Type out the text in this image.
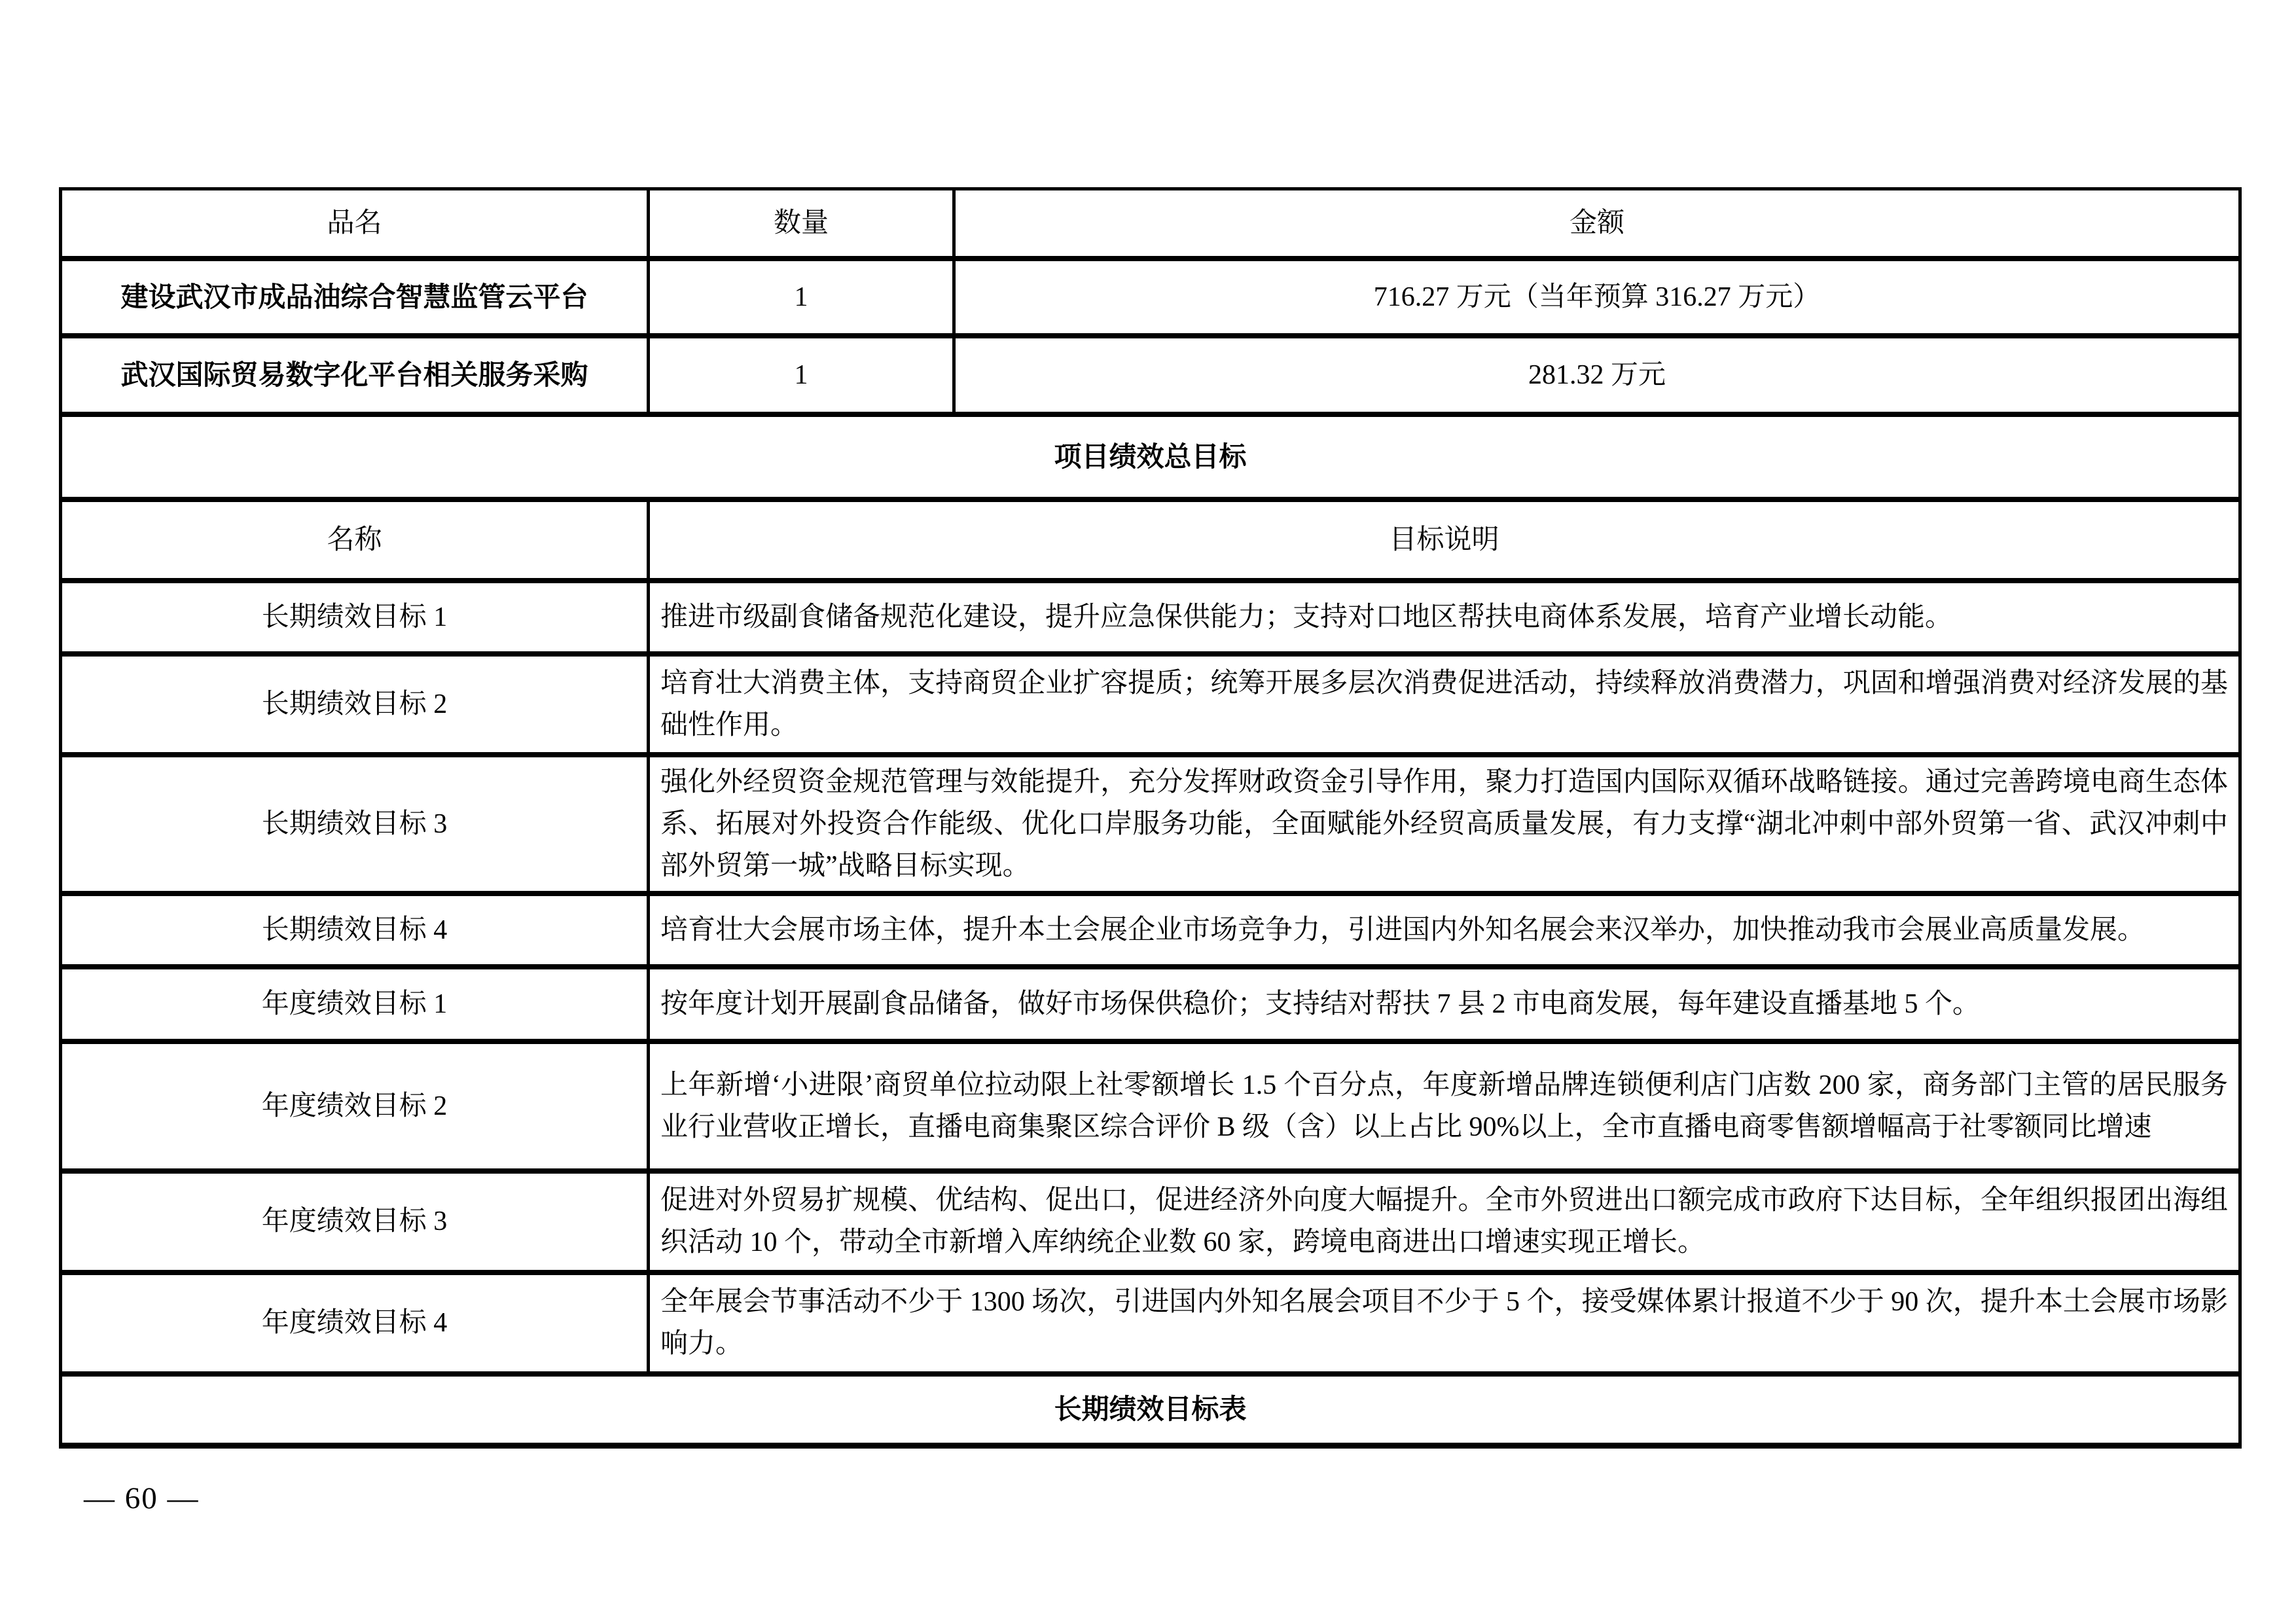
品名	数量	金额
建设武汉市成品油综合智慧监管云平台	1	716.27 万元（当年预算 316.27 万元）
武汉国际贸易数字化平台相关服务采购	1	281.32 万元
项目绩效总目标		
名称	目标说明	
长期绩效目标 1	推进市级副食储备规范化建设，提升应急保供能力；支持对口地区帮扶电商体系发展，培育产业增长动能。	
长期绩效目标 2	培育壮大消费主体，支持商贸企业扩容提质；统筹开展多层次消费促进活动，持续释放消费潜力，巩固和增强消费对经济发展的基础性作用。	
长期绩效目标 3	强化外经贸资金规范管理与效能提升，充分发挥财政资金引导作用，聚力打造国内国际双循环战略链接。通过完善跨境电商生态体系、拓展对外投资合作能级、优化口岸服务功能，全面赋能外经贸高质量发展，有力支撑“湖北冲刺中部外贸第一省、武汉冲刺中部外贸第一城”战略目标实现。	
长期绩效目标 4	培育壮大会展市场主体，提升本土会展企业市场竞争力，引进国内外知名展会来汉举办，加快推动我市会展业高质量发展。	
年度绩效目标 1	按年度计划开展副食品储备，做好市场保供稳价；支持结对帮扶 7 县 2 市电商发展，每年建设直播基地 5 个。	
年度绩效目标 2	上年新增‘小进限’商贸单位拉动限上社零额增长 1.5 个百分点，年度新增品牌连锁便利店门店数 200 家，商务部门主管的居民服务业行业营收正增长，直播电商集聚区综合评价 B 级（含）以上占比 90%以上，全市直播电商零售额增幅高于社零额同比增速	
年度绩效目标 3	促进对外贸易扩规模、优结构、促出口，促进经济外向度大幅提升。全市外贸进出口额完成市政府下达目标，全年组织报团出海组织活动 10 个，带动全市新增入库纳统企业数 60 家，跨境电商进出口增速实现正增长。	
年度绩效目标 4	全年展会节事活动不少于 1300 场次，引进国内外知名展会项目不少于 5 个，接受媒体累计报道不少于 90 次，提升本土会展市场影响力。	
长期绩效目标表		
— 60 —
